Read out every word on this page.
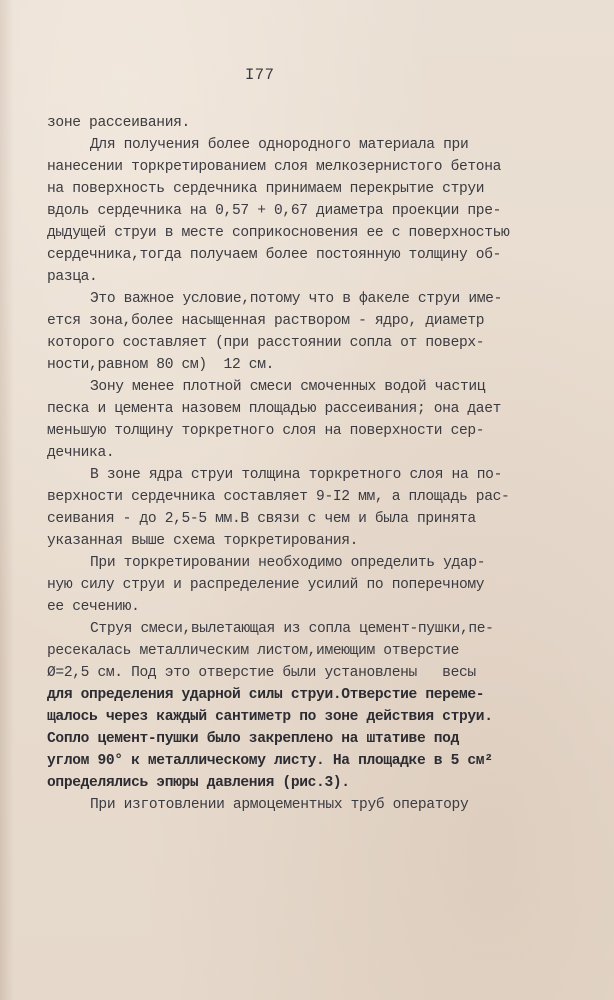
I77

зоне рассеивания.

Для получения более однородного материала при

нанесении торкретированием слоя мелкозернистого бетона

на поверхность сердечника принимаем перекрытие струи

вдоль сердечника на 0,57 + 0,67 диаметра проекции пре-

дыдущей струи в месте соприкосновения ее с поверхностью

сердечника,тогда получаем более постоянную толщину об-

разца.

Это важное условие,потому что в факеле струи име-

ется зона,более насыщенная раствором - ядро, диаметр

которого составляет (при расстоянии сопла от поверх-

ности,равном 80 см)  12 см.

Зону менее плотной смеси смоченных водой частиц

песка и цемента назовем площадью рассеивания; она дает

меньшую толщину торкретного слоя на поверхности сер-

дечника.

В зоне ядра струи толщина торкретного слоя на по-

верхности сердечника составляет 9-I2 мм, а площадь рас-

сеивания - до 2,5-5 мм.В связи с чем и была принята

указанная выше схема торкретирования.

При торкретировании необходимо определить удар-

ную силу струи и распределение усилий по поперечному

ее сечению.

Струя смеси,вылетающая из сопла цемент-пушки,пе-

ресекалась металлическим листом,имеющим отверстие

Ø=2,5 см. Под это отверстие были установлены   весы

для определения ударной силы струи.Отверстие переме-

щалось через каждый сантиметр по зоне действия струи.

Сопло цемент-пушки было закреплено на штативе под

углом 90° к металлическому листу. На площадке в 5 см²

определялись эпюры давления (рис.3).

При изготовлении армоцементных труб оператору
